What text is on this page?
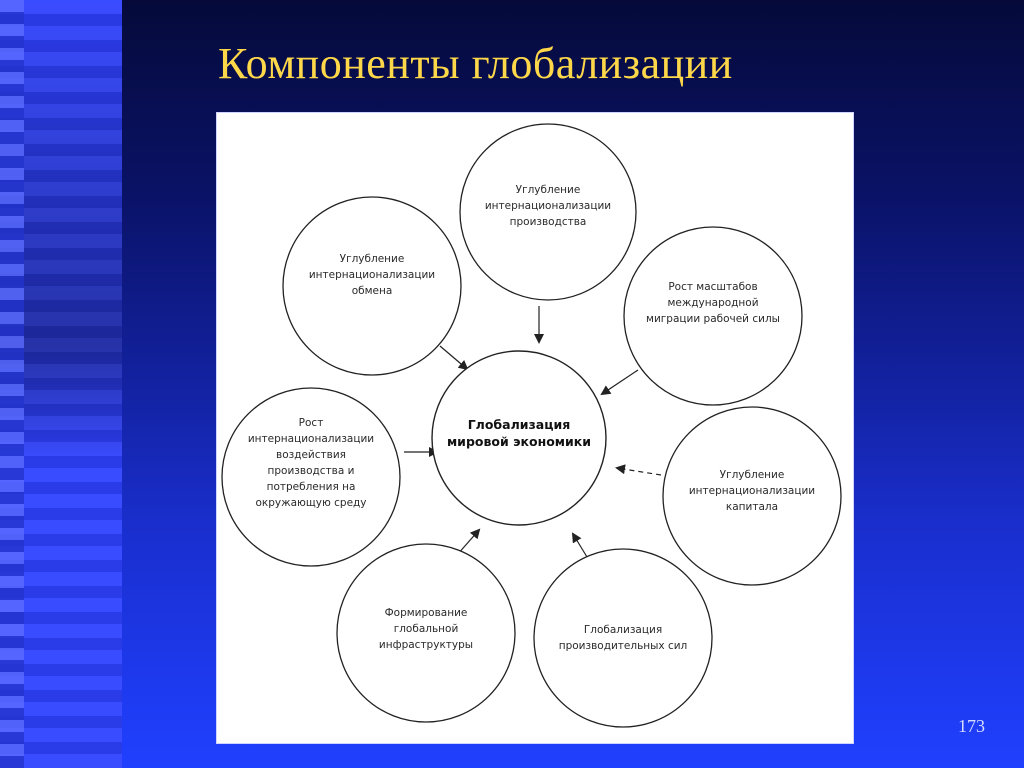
Компоненты глобализации
Глобализация
мировой экономики
Углубление
интернационализации
производства
Углубление
интернационализации
обмена	Рост масштабов
международной
миграции рабочей силы
Рост
интернационализации
воздействия
производства и
потребления на
окружающую среду
Углубление
интернационализации
капитала
Формирование
глобальной
инфраструктуры
Глобализация
производительных сил
173
